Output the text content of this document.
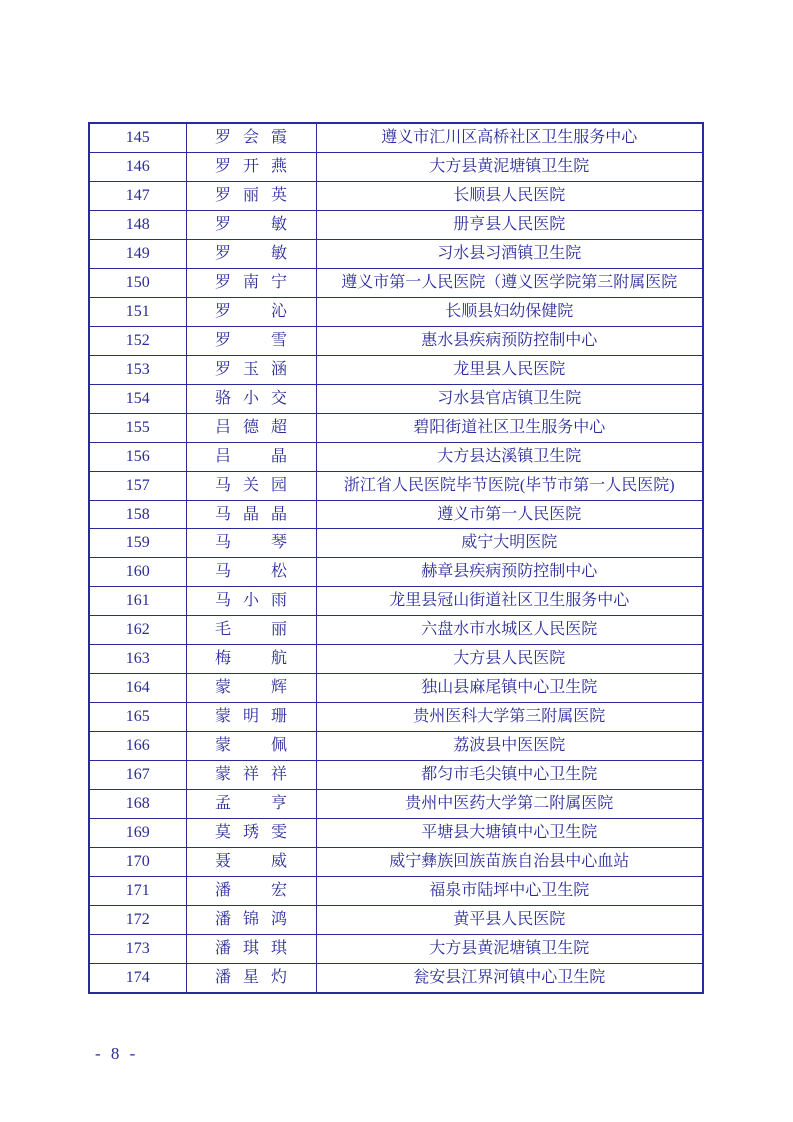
145	罗 会 霞	遵义市汇川区高桥社区卫生服务中心
146	罗 开 燕	大方县黄泥塘镇卫生院
147	罗 丽 英	长顺县人民医院
148	罗 敏	册亨县人民医院
149	罗 敏	习水县习酒镇卫生院
150	罗 南 宁	遵义市第一人民医院（遵义医学院第三附属医院
151	罗 沁	长顺县妇幼保健院
152	罗 雪	惠水县疾病预防控制中心
153	罗 玉 涵	龙里县人民医院
154	骆 小 交	习水县官店镇卫生院
155	吕 德 超	碧阳街道社区卫生服务中心
156	吕 晶	大方县达溪镇卫生院
157	马 关 园	浙江省人民医院毕节医院(毕节市第一人民医院)
158	马 晶 晶	遵义市第一人民医院
159	马 琴	威宁大明医院
160	马 松	赫章县疾病预防控制中心
161	马 小 雨	龙里县冠山街道社区卫生服务中心
162	毛 丽	六盘水市水城区人民医院
163	梅 航	大方县人民医院
164	蒙 辉	独山县麻尾镇中心卫生院
165	蒙 明 珊	贵州医科大学第三附属医院
166	蒙 佩	荔波县中医医院
167	蒙 祥 祥	都匀市毛尖镇中心卫生院
168	孟 亨	贵州中医药大学第二附属医院
169	莫 琇 雯	平塘县大塘镇中心卫生院
170	聂 威	威宁彝族回族苗族自治县中心血站
171	潘 宏	福泉市陆坪中心卫生院
172	潘 锦 鸿	黄平县人民医院
173	潘 琪 琪	大方县黄泥塘镇卫生院
174	潘 星 灼	瓮安县江界河镇中心卫生院
- 8 -
